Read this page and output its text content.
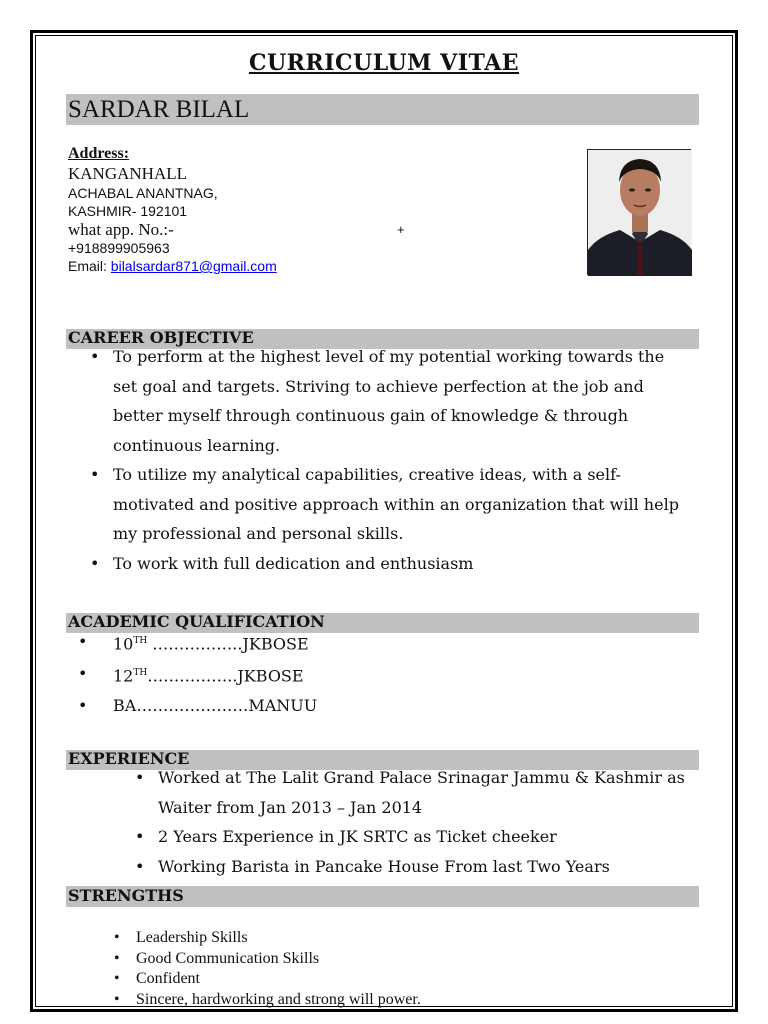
CURRICULUM VITAE
SARDAR BILAL
Address:
KANGANHALL
ACHABAL ANANTNAG,
KASHMIR- 192101
what app. No.:-	+
+918899905963
Email: bilalsardar871@gmail.com
CAREER OBJECTIVE
• To perform at the highest level of my potential working towards the
set goal and targets. Striving to achieve perfection at the job and
better myself through continuous gain of knowledge & through
continuous learning.
• To utilize my analytical capabilities, creative ideas, with a self-
motivated and positive approach within an organization that will help
my professional and personal skills.
• To work with full dedication and enthusiasm
ACADEMIC QUALIFICATION
• 10TH ……………..JKBOSE
• 12TH……………..JKBOSE
• BA…………………MANUU
EXPERIENCE
• Worked at The Lalit Grand Palace Srinagar Jammu & Kashmir as
Waiter from Jan 2013 – Jan 2014
• 2 Years Experience in JK SRTC as Ticket cheeker
• Working Barista in Pancake House From last Two Years
STRENGTHS
• Leadership Skills
• Good Communication Skills
• Confident
• Sincere, hardworking and strong will power.
